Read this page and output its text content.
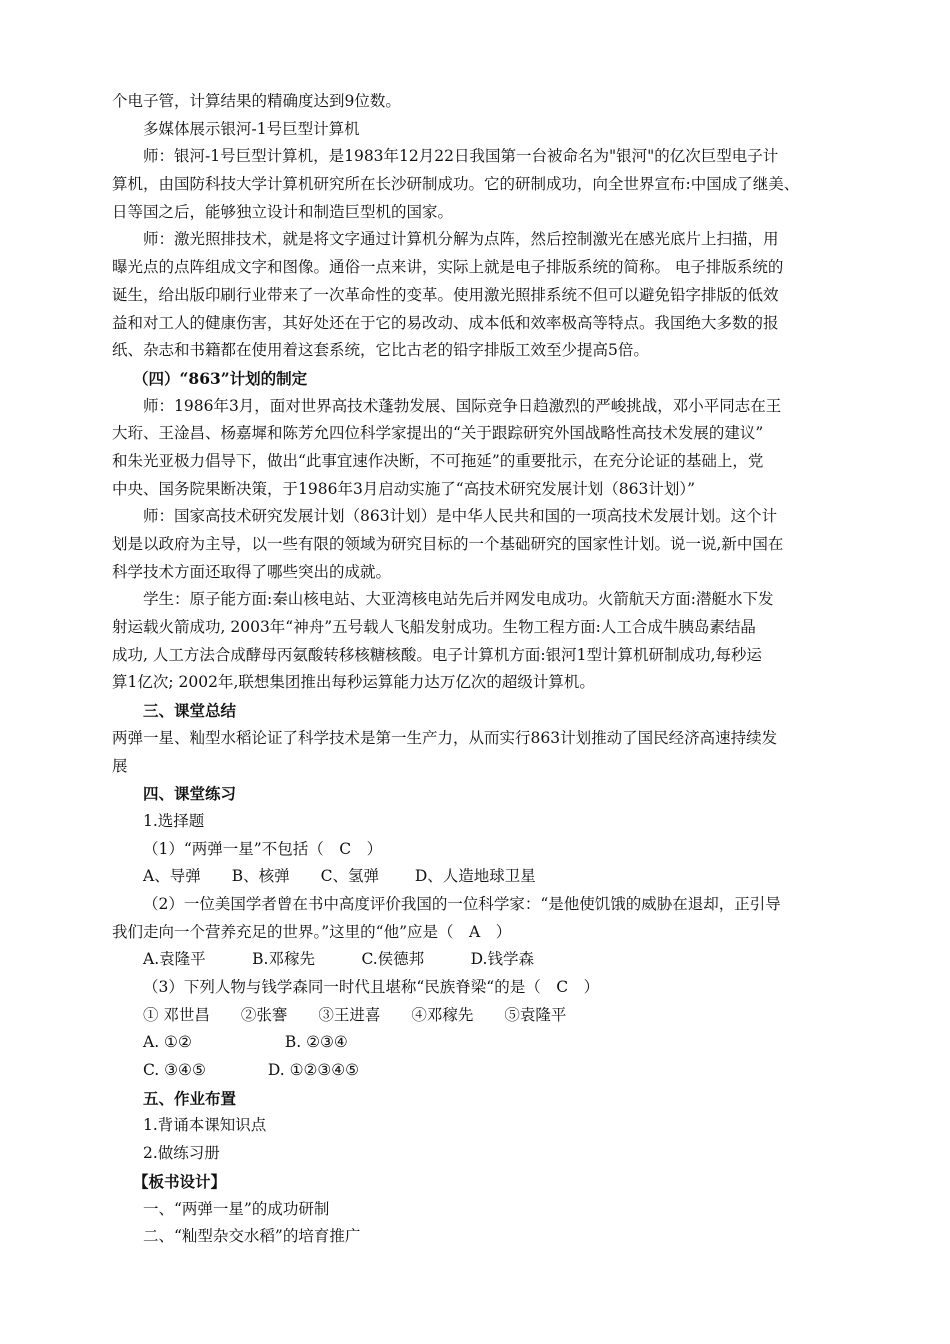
个电子管，计算结果的精确度达到9位数。
多媒体展示银河-1号巨型计算机
师：银河-1号巨型计算机，是1983年12月22日我国第一台被命名为"银河"的亿次巨型电子计
算机，由国防科技大学计算机研究所在长沙研制成功。它的研制成功，向全世界宣布:中国成了继美、
日等国之后，能够独立设计和制造巨型机的国家。
师：激光照排技术，就是将文字通过计算机分解为点阵，然后控制激光在感光底片上扫描，用
曝光点的点阵组成文字和图像。通俗一点来讲，实际上就是电子排版系统的简称。 电子排版系统的
诞生，给出版印刷行业带来了一次革命性的变革。使用激光照排系统不但可以避免铅字排版的低效
益和对工人的健康伤害，其好处还在于它的易改动、成本低和效率极高等特点。我国绝大多数的报
纸、杂志和书籍都在使用着这套系统，它比古老的铅字排版工效至少提高5倍。
（四）“863”计划的制定
师：1986年3月，面对世界高技术蓬勃发展、国际竞争日趋激烈的严峻挑战，邓小平同志在王
大珩、王淦昌、杨嘉墀和陈芳允四位科学家提出的“关于跟踪研究外国战略性高技术发展的建议”
和朱光亚极力倡导下，做出“此事宜速作决断，不可拖延”的重要批示，在充分论证的基础上，党
中央、国务院果断决策，于1986年3月启动实施了“高技术研究发展计划（863计划）”
师：国家高技术研究发展计划（863计划）是中华人民共和国的一项高技术发展计划。这个计
划是以政府为主导，以一些有限的领域为研究目标的一个基础研究的国家性计划。说一说,新中国在
科学技术方面还取得了哪些突出的成就。
学生：原子能方面:秦山核电站、大亚湾核电站先后并网发电成功。火箭航天方面:潜艇水下发
射运载火箭成功, 2003年“神舟”五号载人飞船发射成功。生物工程方面:人工合成牛胰岛素结晶
成功, 人工方法合成酵母丙氨酸转移核糖核酸。电子计算机方面:银河1型计算机研制成功,每秒运
算1亿次; 2002年,联想集团推出每秒运算能力达万亿次的超级计算机。
三、课堂总结
两弹一星、籼型水稻论证了科学技术是第一生产力，从而实行863计划推动了国民经济高速持续发
展
四、课堂练习
1.选择题
（1）“两弹一星”不包括（　C　）
A、导弹　　B、核弹　　C、氢弹　　 D、人造地球卫星
（2）一位美国学者曾在书中高度评价我国的一位科学家：“是他使饥饿的威胁在退却，正引导
我们走向一个营养充足的世界。”这里的“他”应是（　A　）
A.袁隆平　　　B.邓稼先　　　C.侯德邦　　　D.钱学森
（3）下列人物与钱学森同一时代且堪称“民族脊梁“的是（　C　）
① 邓世昌　　②张謇　　③王进喜　　④邓稼先　　⑤袁隆平
A. ①②　　　　　　B. ②③④
C. ③④⑤　　　　D. ①②③④⑤
五、作业布置
1.背诵本课知识点
2.做练习册
【板书设计】
一、“两弹一星”的成功研制
二、“籼型杂交水稻”的培育推广
